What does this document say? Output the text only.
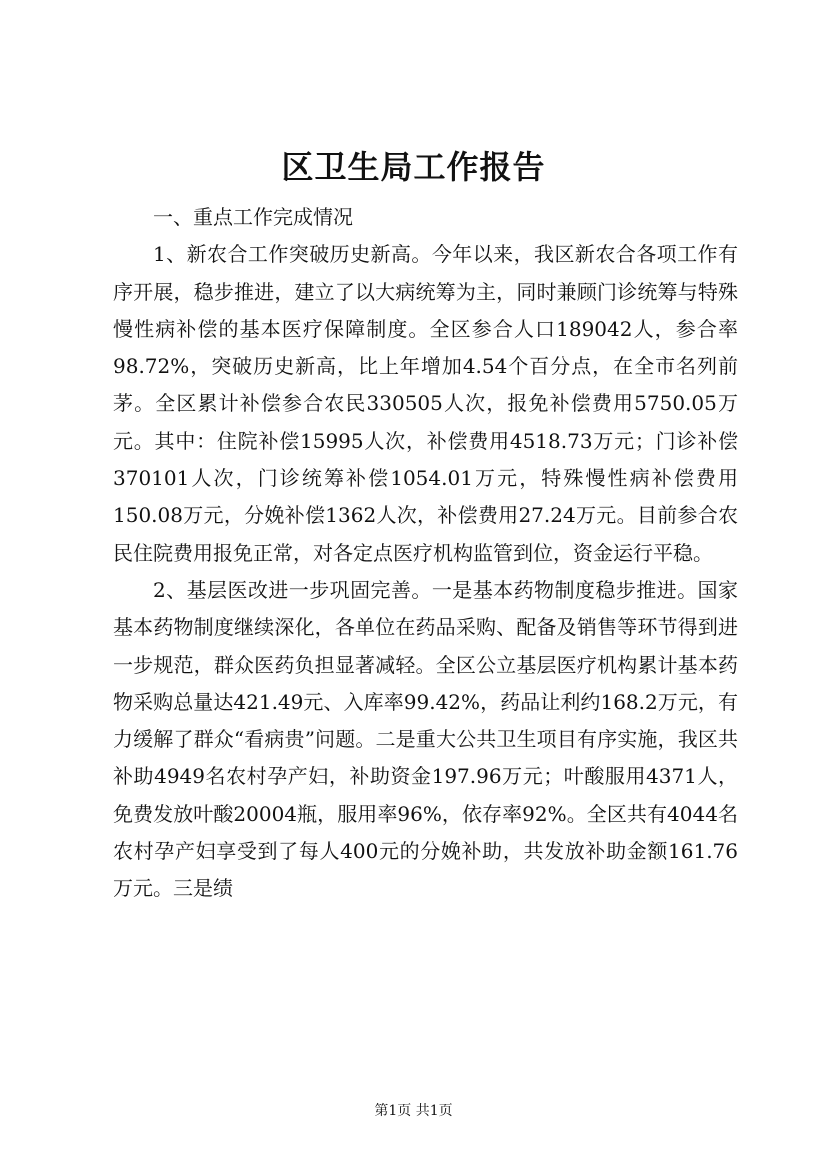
区卫生局工作报告

一、重点工作完成情况

1、新农合工作突破历史新高。今年以来，我区新农合各项工作有序开展，稳步推进，建立了以大病统筹为主，同时兼顾门诊统筹与特殊慢性病补偿的基本医疗保障制度。全区参合人口189042人，参合率98.72%，突破历史新高，比上年增加4.54个百分点，在全市名列前茅。全区累计补偿参合农民330505人次，报免补偿费用5750.05万元。其中：住院补偿15995人次，补偿费用4518.73万元；门诊补偿370101人次，门诊统筹补偿1054.01万元，特殊慢性病补偿费用150.08万元，分娩补偿1362人次，补偿费用27.24万元。目前参合农民住院费用报免正常，对各定点医疗机构监管到位，资金运行平稳。

2、基层医改进一步巩固完善。一是基本药物制度稳步推进。国家基本药物制度继续深化，各单位在药品采购、配备及销售等环节得到进一步规范，群众医药负担显著减轻。全区公立基层医疗机构累计基本药物采购总量达421.49元、入库率99.42%，药品让利约168.2万元，有力缓解了群众“看病贵”问题。二是重大公共卫生项目有序实施，我区共补助4949名农村孕产妇，补助资金197.96万元；叶酸服用4371人，免费发放叶酸20004瓶，服用率96%，依存率92%。全区共有4044名农村孕产妇享受到了每人400元的分娩补助，共发放补助金额161.76万元。三是绩

第1页 共1页
